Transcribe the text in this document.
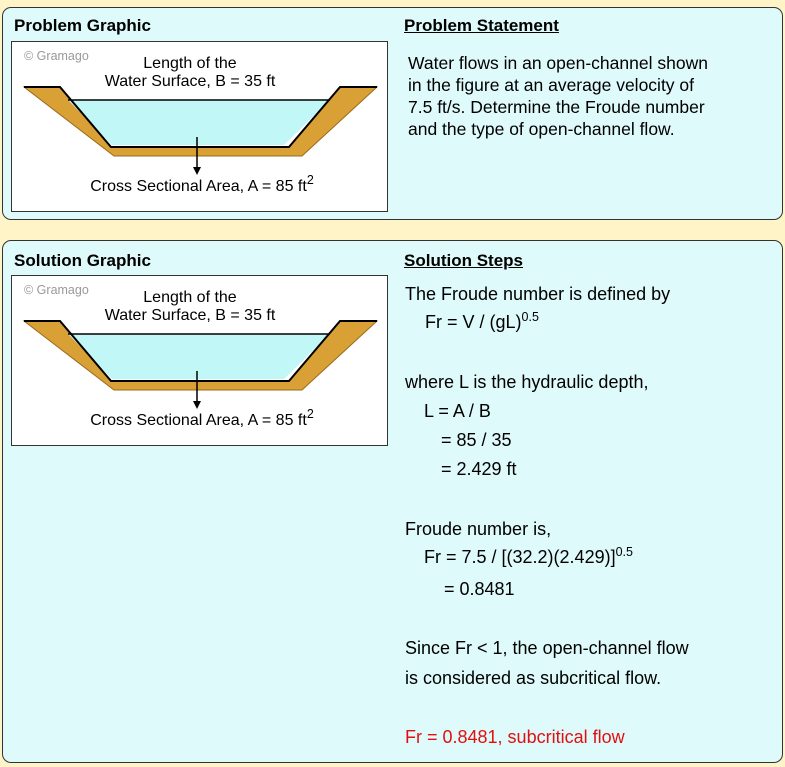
Problem Graphic	Problem Statement
© Gramago	Length of the
Water Surface, B = 35 ft
Cross Sectional Area, A = 85 $ft^2$
Water flows in an open-channel shown
in the figure at an average velocity of
7.5 ft/s. Determine the Froude number
and the type of open-channel flow.
Solution Graphic	Solution Steps
© Gramago	Length of the
Water Surface, B = 35 ft
Cross Sectional Area, A = 85 $ft^2$
The Froude number is defined by
Fr = V / (gL)$^{0.5}$
where L is the hydraulic depth,
L = A / B
= 85 / 35
= 2.429 ft
Froude number is,
$Fr = 7.5 / [(32.2)(2.429)]^{0.5}$
= 0.8481
Since Fr < 1, the open-channel flow
is considered as subcritical flow.
Fr = 0.8481, subcritical flow
